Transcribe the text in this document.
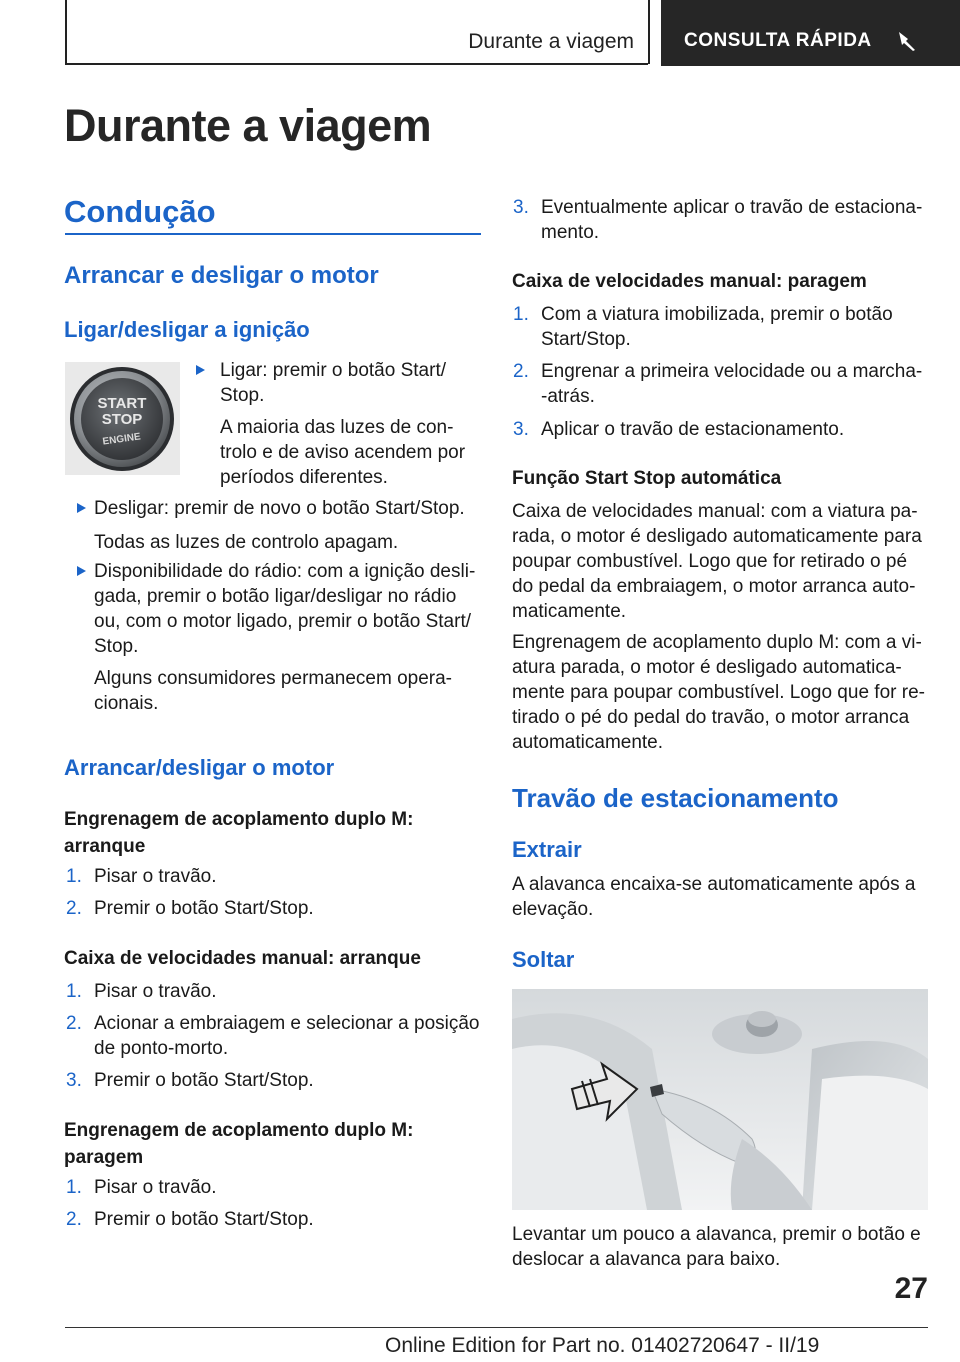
Durante a viagem	CONSULTA RÁPIDA
Durante a viagem
Condução
Arrancar e desligar o motor
Ligar/desligar a ignição
START
STOP
ENGINE
Ligar: premir o botão Start/
Stop.
A maioria das luzes de con-
trolo e de aviso acendem por
períodos diferentes.
Desligar: premir de novo o botão Start/Stop.
Todas as luzes de controlo apagam.
Disponibilidade do rádio: com a ignição desli-
gada, premir o botão ligar/desligar no rádio
ou, com o motor ligado, premir o botão Start/
Stop.
Alguns consumidores permanecem opera-
cionais.
Arrancar/desligar o motor
Engrenagem de acoplamento duplo M:
arranque
1. Pisar o travão.
2. Premir o botão Start/Stop.
Caixa de velocidades manual: arranque
1. Pisar o travão.
2. Acionar a embraiagem e selecionar a posição
de ponto-morto.
3. Premir o botão Start/Stop.
Engrenagem de acoplamento duplo M:
paragem
1. Pisar o travão.
2. Premir o botão Start/Stop.
3. Eventualmente aplicar o travão de estaciona-
mento.
Caixa de velocidades manual: paragem
1. Com a viatura imobilizada, premir o botão
Start/Stop.
2. Engrenar a primeira velocidade ou a marcha-
-atrás.
3. Aplicar o travão de estacionamento.
Função Start Stop automática
Caixa de velocidades manual: com a viatura pa-
rada, o motor é desligado automaticamente para
poupar combustível. Logo que for retirado o pé
do pedal da embraiagem, o motor arranca auto-
maticamente.
Engrenagem de acoplamento duplo M: com a vi-
atura parada, o motor é desligado automatica-
mente para poupar combustível. Logo que for re-
tirado o pé do pedal do travão, o motor arranca
automaticamente.
Travão de estacionamento
Extrair
A alavanca encaixa-se automaticamente após a
elevação.
Soltar
Levantar um pouco a alavanca, premir o botão e
deslocar a alavanca para baixo.
27
Online Edition for Part no. 01402720647 - II/19
